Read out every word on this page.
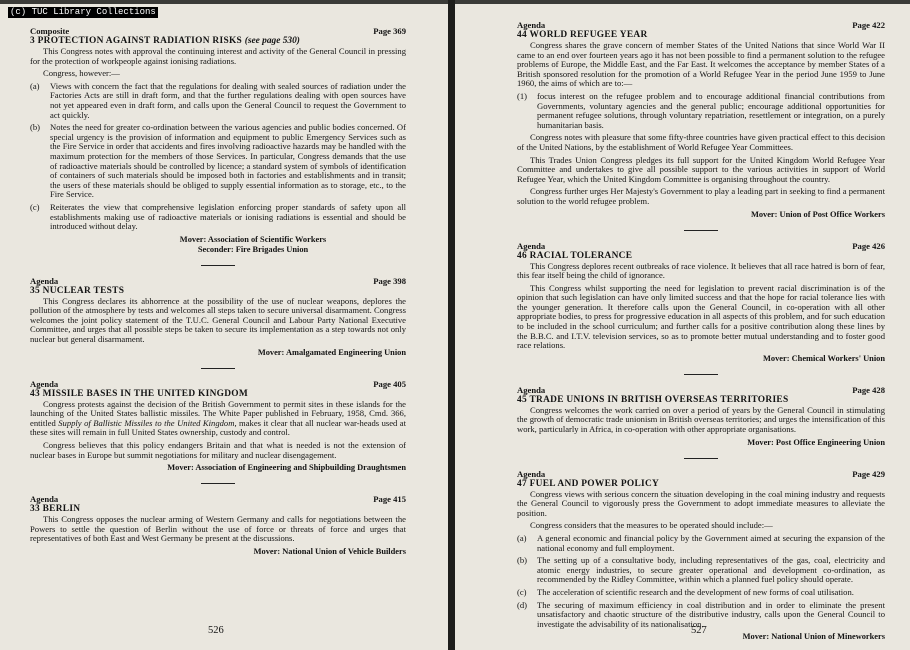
(c) TUC Library Collections
Composite	Page 369
3 PROTECTION AGAINST RADIATION RISKS (see page 530)

This Congress notes with approval the continuing interest and activity of the General Council in pressing for the protection of workpeople against ionising radiations.

Congress, however:—

(a)	Views with concern the fact that the regulations for dealing with sealed sources of radiation under the Factories Acts are still in draft form, and that the further regulations dealing with open sources have not yet appeared even in draft form, and calls upon the General Council to request the Government to act quickly.
(b)	Notes the need for greater co-ordination between the various agencies and public bodies concerned. Of special urgency is the provision of information and equipment to public Emergency Services such as the Fire Service in order that accidents and fires involving radioactive hazards may be handled with the maximum protection for the members of those Services. In particular, Congress demands that the use of radioactive materials should be controlled by licence; a standard system of symbols of identification of containers of such materials should be imposed both in factories and establishments and in transit; the users of these materials should be obliged to supply essential information as to storage, etc., to the Fire Service.
(c)	Reiterates the view that comprehensive legislation enforcing proper standards of safety upon all establishments making use of radioactive materials or ionising radiations is essential and should be introduced without delay.
Mover: Association of Scientific Workers
Seconder: Fire Brigades Union
Agenda	Page 398
35 NUCLEAR TESTS

This Congress declares its abhorrence at the possibility of the use of nuclear weapons, deplores the pollution of the atmosphere by tests and welcomes all steps taken to secure universal disarmament. Congress welcomes the joint policy statement of the T.U.C. General Council and Labour Party National Executive Committee, and urges that all possible steps be taken to secure its implementation as a step towards not only nuclear but general disarmament.

Mover: Amalgamated Engineering Union
Agenda	Page 405
43 MISSILE BASES IN THE UNITED KINGDOM

Congress protests against the decision of the British Government to permit sites in these islands for the launching of the United States ballistic missiles. The White Paper published in February, 1958, Cmd. 366, entitled Supply of Ballistic Missiles to the United Kingdom, makes it clear that all nuclear war-heads used at these sites will remain in full United States ownership, custody and control.

Congress believes that this policy endangers Britain and that what is needed is not the extension of nuclear bases in Europe but summit negotiations for military and nuclear disengagement.

Mover: Association of Engineering and Shipbuilding Draughtsmen
Agenda	Page 415
33 BERLIN

This Congress opposes the nuclear arming of Western Germany and calls for negotiations between the Powers to settle the question of Berlin without the use of force or threats of force and urges that representatives of both East and West Germany be present at the discussions.

Mover: National Union of Vehicle Builders
526
Agenda	Page 422
44 WORLD REFUGEE YEAR

Congress shares the grave concern of member States of the United Nations that since World War II came to an end over fourteen years ago it has not been possible to find a permanent solution to the refugee problems of Europe, the Middle East, and the Far East. It welcomes the acceptance by member States of a British sponsored resolution for the promotion of a World Refugee Year in the period June 1959 to June 1960, the aims of which are to:—

(1)	focus interest on the refugee problem and to encourage additional financial contributions from Governments, voluntary agencies and the general public; encourage additional opportunities for permanent refugee solutions, through voluntary repatriation, resettlement or integration, on a purely humanitarian basis.

Congress notes with pleasure that some fifty-three countries have given practical effect to this decision of the United Nations, by the establishment of World Refugee Year Committees.

This Trades Union Congress pledges its full support for the United Kingdom World Refugee Year Committee and undertakes to give all possible support to the various activities in support of World Refugee Year, which the United Kingdom Committee is organising throughout the country.

Congress further urges Her Majesty's Government to play a leading part in seeking to find a permanent solution to the world refugee problem.

Mover: Union of Post Office Workers
Agenda	Page 426
46 RACIAL TOLERANCE

This Congress deplores recent outbreaks of race violence. It believes that all race hatred is born of fear, this fear itself being the child of ignorance.

This Congress whilst supporting the need for legislation to prevent racial discrimination is of the opinion that such legislation can have only limited success and that the hope for racial tolerance lies with the younger generation. It therefore calls upon the General Council, in co-operation with all other appropriate bodies, to press for progressive education in all aspects of this problem, and for such education to be included in the school curriculum; and further calls for a positive contribution along these lines by the B.B.C. and I.T.V. television services, so as to promote better mutual understanding and to foster good race relations.

Mover: Chemical Workers' Union
Agenda	Page 428
45 TRADE UNIONS IN BRITISH OVERSEAS TERRITORIES

Congress welcomes the work carried on over a period of years by the General Council in stimulating the growth of democratic trade unionism in British overseas territories; and urges the intensification of this work, particularly in Africa, in co-operation with other appropriate organisations.

Mover: Post Office Engineering Union
Agenda	Page 429
47 FUEL AND POWER POLICY

Congress views with serious concern the situation developing in the coal mining industry and requests the General Council to vigorously press the Government to adopt immediate measures to alleviate the position.

Congress considers that the measures to be operated should include:—

(a)	A general economic and financial policy by the Government aimed at securing the expansion of the national economy and full employment.
(b)	The setting up of a consultative body, including representatives of the gas, coal, electricity and atomic energy industries, to secure greater operational and development co-ordination, as recommended by the Ridley Committee, within which a planned fuel policy should operate.
(c)	The acceleration of scientific research and the development of new forms of coal utilisation.
(d)	The securing of maximum efficiency in coal distribution and in order to eliminate the present unsatisfactory and chaotic structure of the distributive industry, calls upon the General Council to investigate the advisability of its nationalisation.
Mover: National Union of Mineworkers
527
